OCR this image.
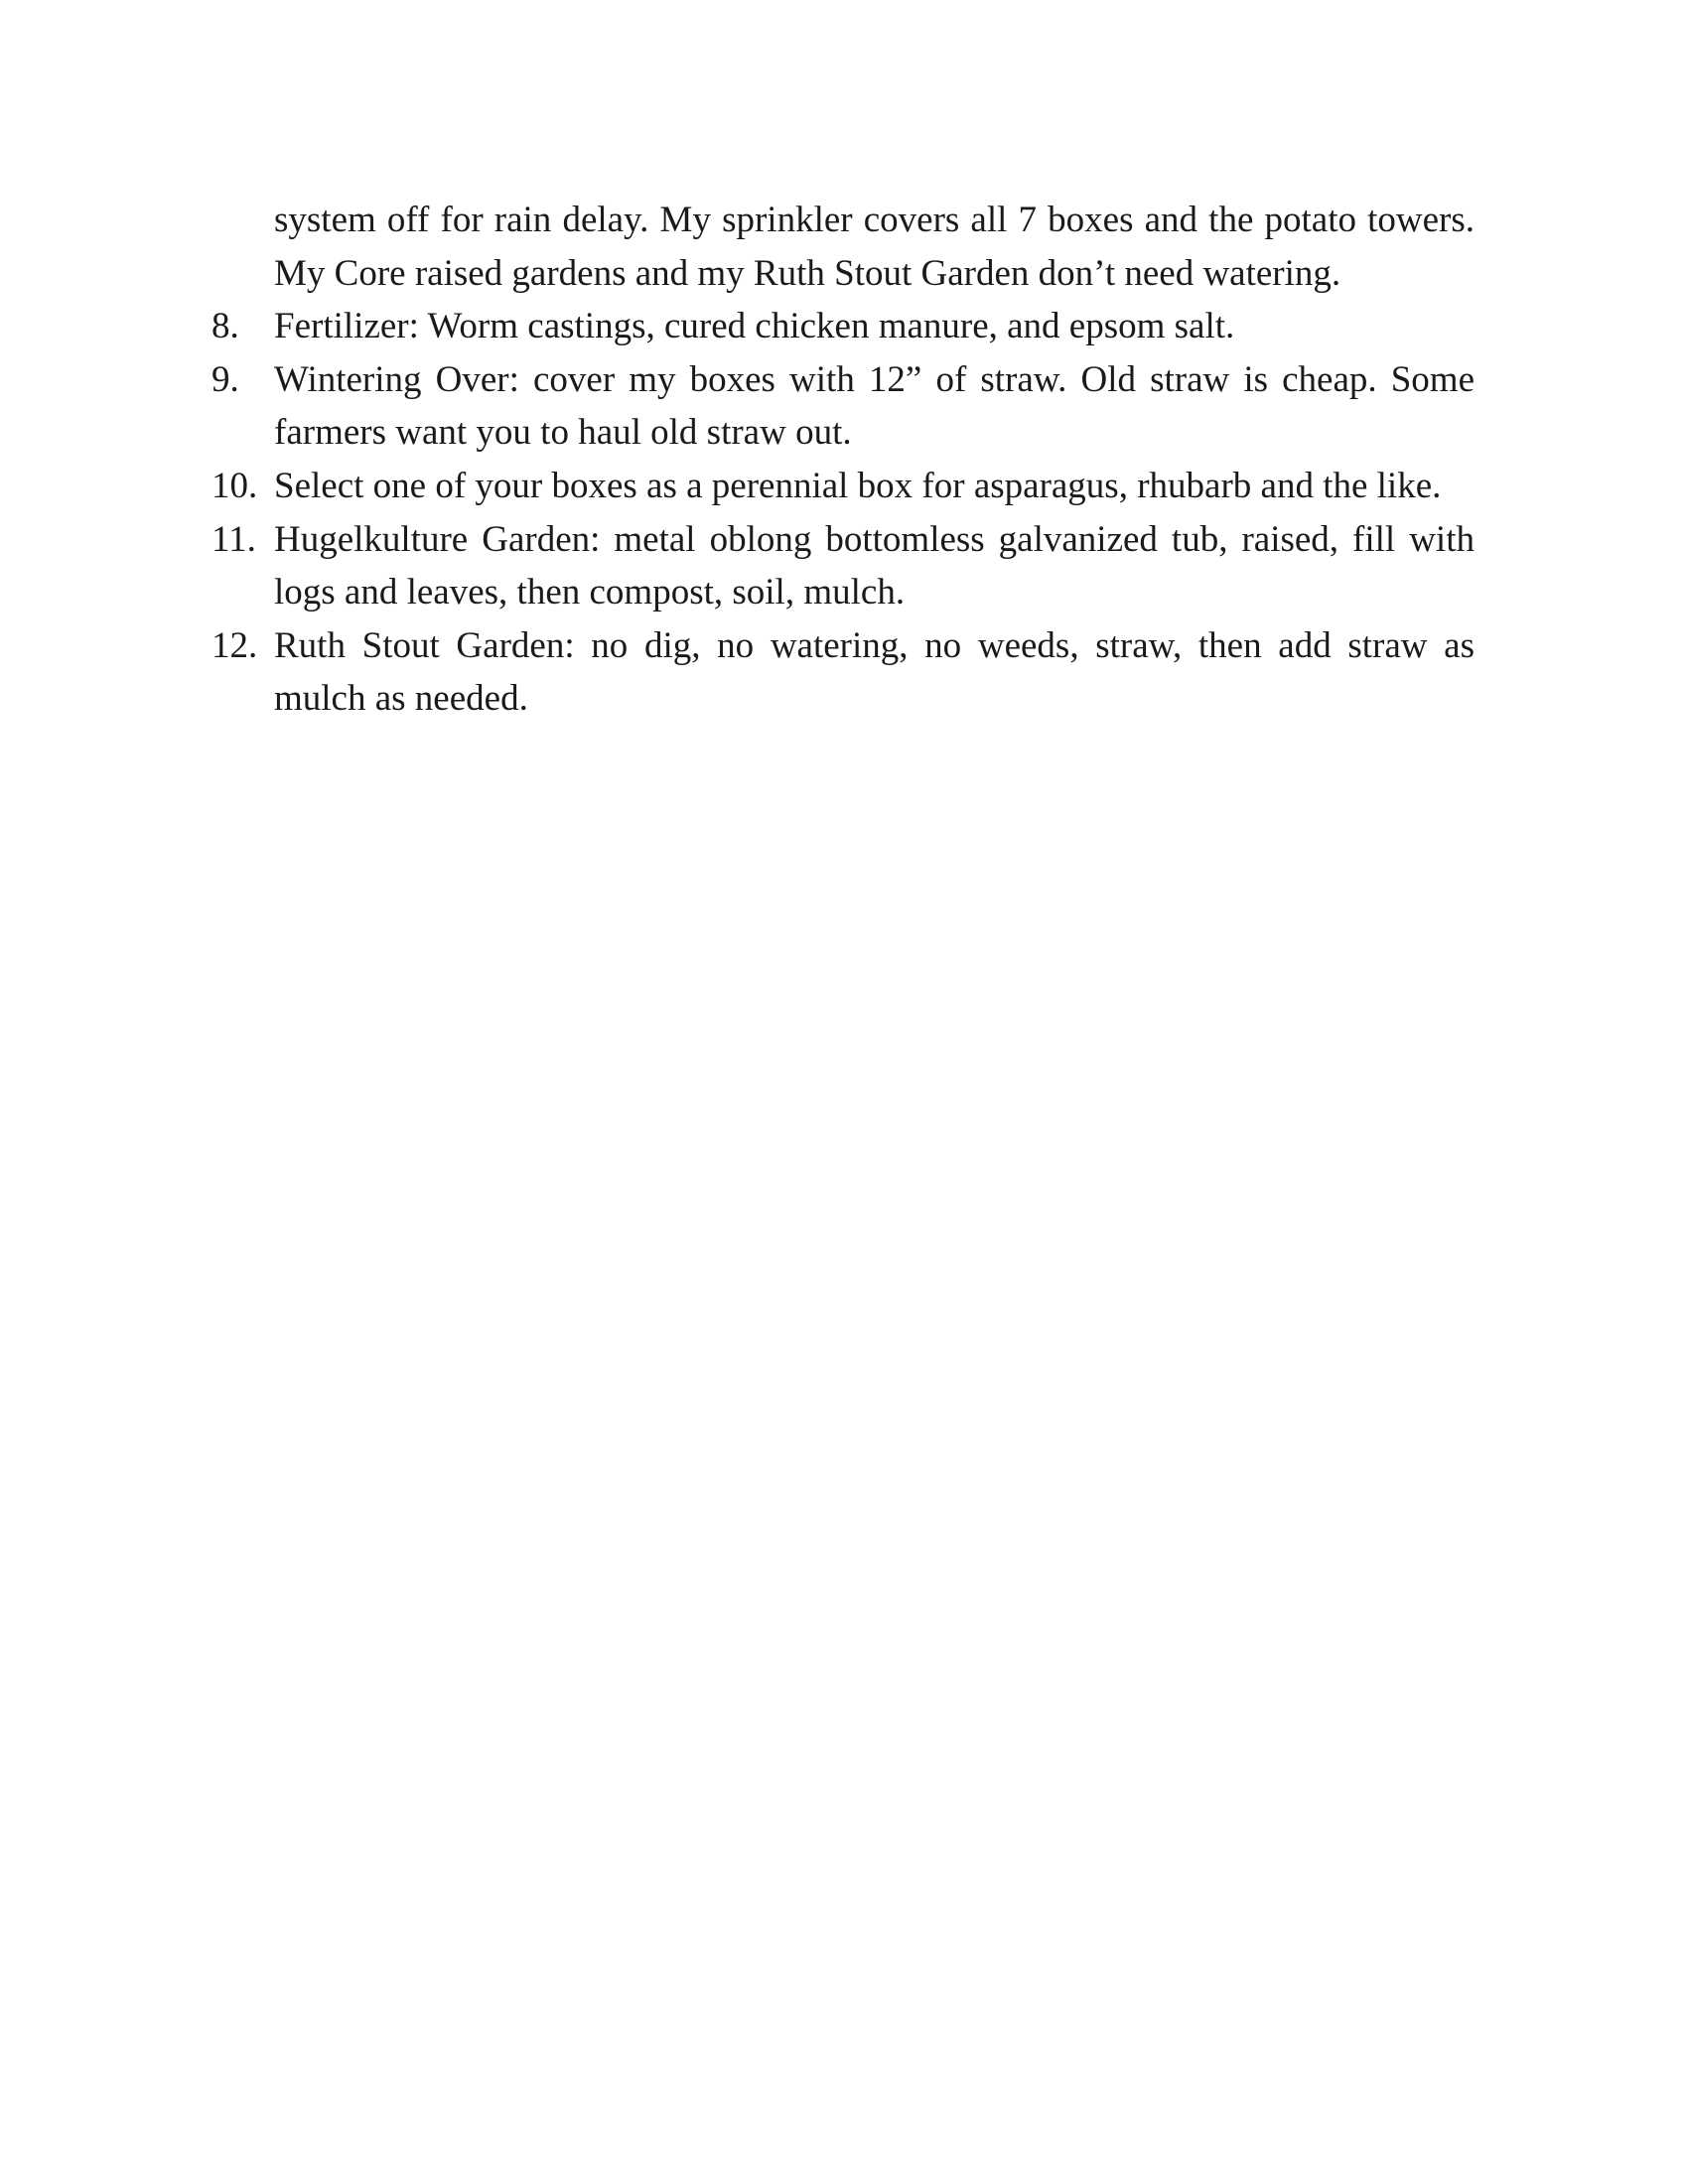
system off for rain delay. My sprinkler covers all 7 boxes and the potato towers. My Core raised gardens and my Ruth Stout Garden don’t need watering.
8. Fertilizer: Worm castings, cured chicken manure, and epsom salt.
9. Wintering Over: cover my boxes with 12” of straw. Old straw is cheap. Some farmers want you to haul old straw out.
10. Select one of your boxes as a perennial box for asparagus, rhubarb and the like.
11. Hugelkulture Garden: metal oblong bottomless galvanized tub, raised, fill with logs and leaves, then compost, soil, mulch.
12. Ruth Stout Garden: no dig, no watering, no weeds, straw, then add straw as mulch as needed.
